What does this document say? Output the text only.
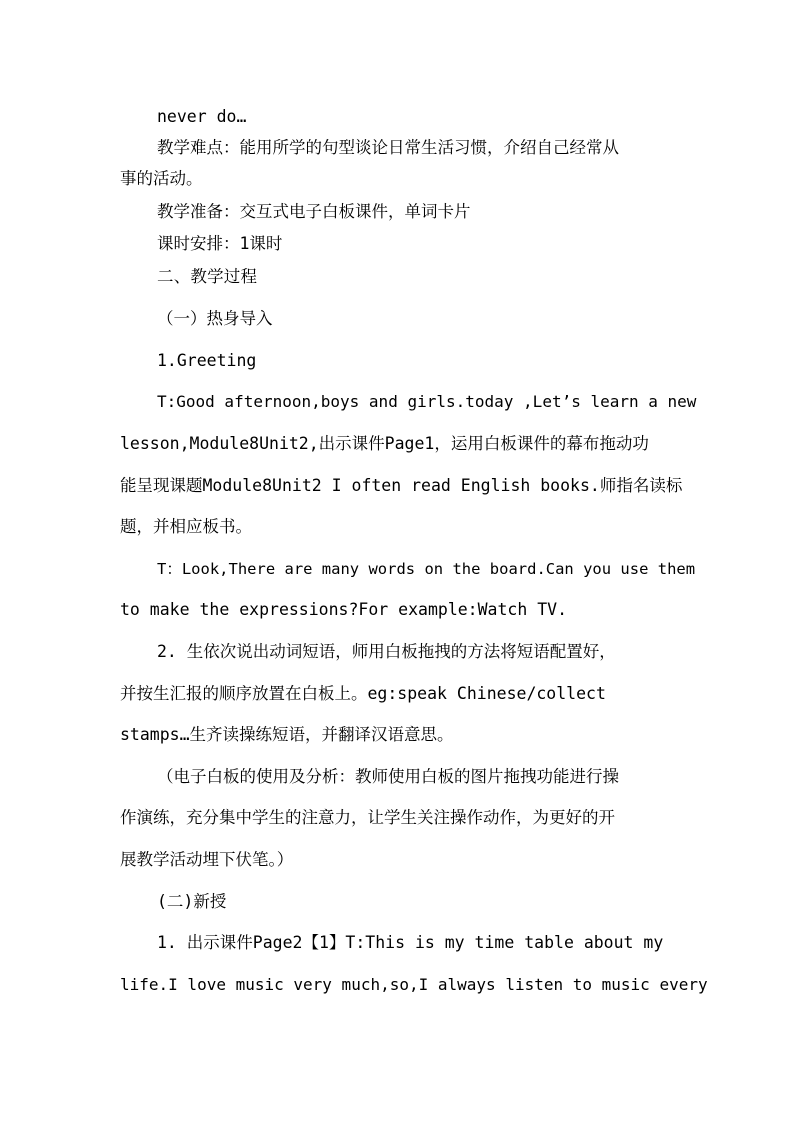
never do…
教学难点：能用所学的句型谈论日常生活习惯，介绍自己经常从
事的活动。
教学准备：交互式电子白板课件，单词卡片
课时安排：1课时
二、教学过程
（一）热身导入
1.Greeting
T:Good afternoon,boys and girls.today ,Let’s learn a new
lesson,Module8Unit2,出示课件Page1，运用白板课件的幕布拖动功
能呈现课题Module8Unit2 I often read English books.师指名读标
题，并相应板书。
T：Look,There are many words on the board.Can you use them
to make the expressions?For example:Watch TV.
2. 生依次说出动词短语，师用白板拖拽的方法将短语配置好，
并按生汇报的顺序放置在白板上。eg:speak Chinese/collect
stamps…生齐读操练短语，并翻译汉语意思。
（电子白板的使用及分析：教师使用白板的图片拖拽功能进行操
作演练，充分集中学生的注意力，让学生关注操作动作，为更好的开
展教学活动埋下伏笔。）
(二)新授
1. 出示课件Page2【1】T:This is my time table about my
life.I love music very much,so,I always listen to music every
